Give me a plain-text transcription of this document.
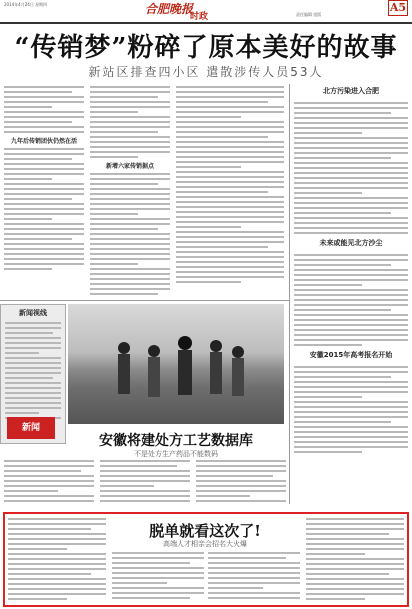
2014年4月24日 星期四	合肥晚报
时政	责任编辑 组版
A5
“传销梦”粉碎了原本美好的故事
新站区排查四小区 遣散涉传人员53人
九年后传销团伙仍然在活
新增六家传销据点
北方污染进入合肥
未来或能见北方沙尘
安徽2015年高考报名开始
新闻视线
新闻
安徽将建处方工艺数据库
不是处方生产药品不能数码
脱单就看这次了!
高端人才相亲会招名大火爆
